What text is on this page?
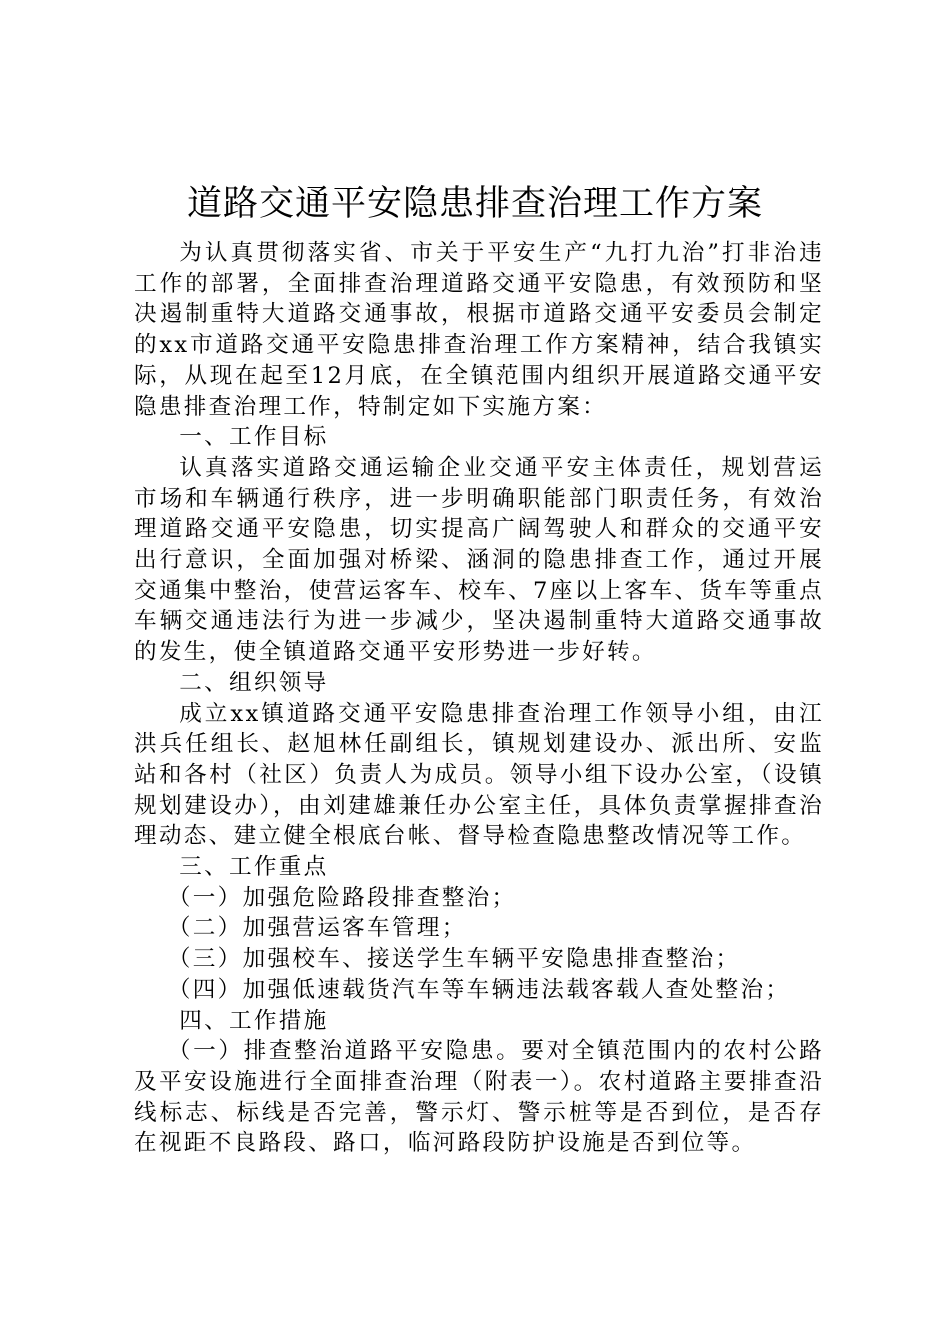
道路交通平安隐患排查治理工作方案

为认真贯彻落实省、市关于平安生产“九打九治”打非治违工作的部署，全面排查治理道路交通平安隐患，有效预防和坚决遏制重特大道路交通事故，根据市道路交通平安委员会制定的xx市道路交通平安隐患排查治理工作方案精神，结合我镇实际，从现在起至12月底，在全镇范围内组织开展道路交通平安隐患排查治理工作，特制定如下实施方案：

一、工作目标

认真落实道路交通运输企业交通平安主体责任，规划营运市场和车辆通行秩序，进一步明确职能部门职责任务，有效治理道路交通平安隐患，切实提高广阔驾驶人和群众的交通平安出行意识，全面加强对桥梁、涵洞的隐患排查工作，通过开展交通集中整治，使营运客车、校车、7座以上客车、货车等重点车辆交通违法行为进一步减少，坚决遏制重特大道路交通事故的发生，使全镇道路交通平安形势进一步好转。

二、组织领导

成立xx镇道路交通平安隐患排查治理工作领导小组，由江洪兵任组长、赵旭林任副组长，镇规划建设办、派出所、安监站和各村（社区）负责人为成员。领导小组下设办公室，（设镇规划建设办），由刘建雄兼任办公室主任，具体负责掌握排查治理动态、建立健全根底台帐、督导检查隐患整改情况等工作。

三、工作重点

（一）加强危险路段排查整治；

（二）加强营运客车管理；

（三）加强校车、接送学生车辆平安隐患排查整治；

（四）加强低速载货汽车等车辆违法载客载人查处整治；

四、工作措施

（一）排查整治道路平安隐患。要对全镇范围内的农村公路及平安设施进行全面排查治理（附表一）。农村道路主要排查沿线标志、标线是否完善，警示灯、警示桩等是否到位，是否存在视距不良路段、路口，临河路段防护设施是否到位等。
